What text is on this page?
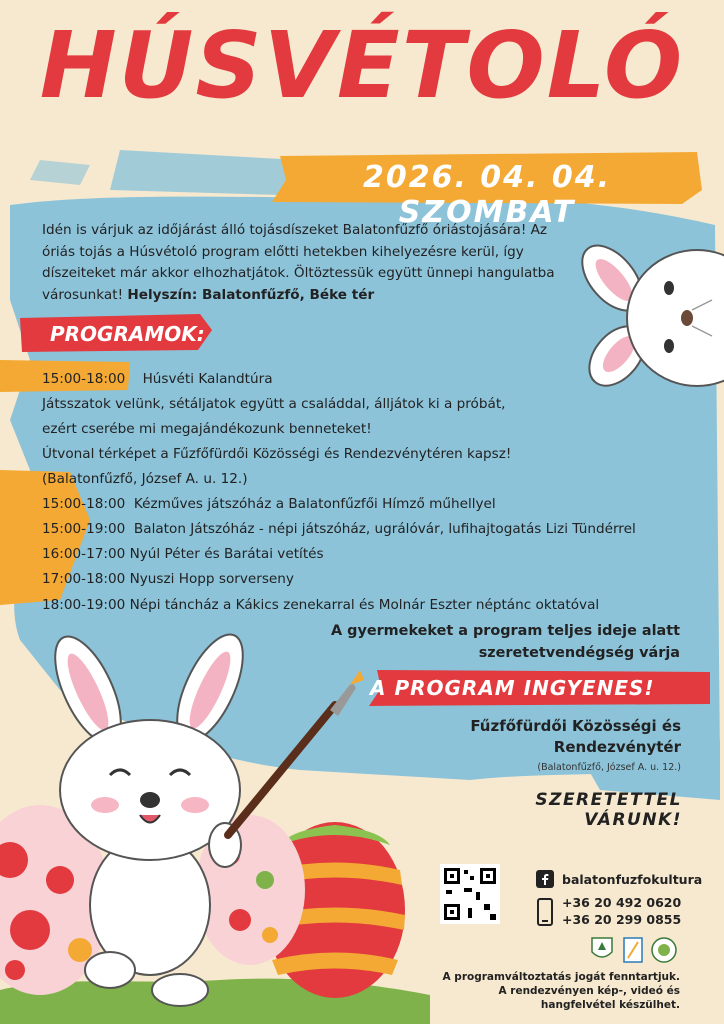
HÚSVÉTOLÓ
2026. 04. 04. SZOMBAT
Idén is várjuk az időjárást álló tojásdíszeket Balatonfűzfő óriástojására! Az óriás tojás a Húsvétoló program előtti hetekben kihelyezésre kerül, így díszeiteket már akkor elhozhatjátok. Öltöztessük együtt ünnepi hangulatba városunkat! Helyszín: Balatonfűzfő, Béke tér
PROGRAMOK:
15:00-18:00 Húsvéti Kalandtúra
Játsszatok velünk, sétáljatok együtt a családdal, álljátok ki a próbát,
ezért cserébe mi megajándékozunk benneteket!
Útvonal térképet a Fűzfőfürdői Közösségi és Rendezvénytéren kapsz!
(Balatonfűzfő, József A. u. 12.)
15:00-18:00 Kézműves játszóház a Balatonfűzfői Hímző műhellyel
15:00-19:00 Balaton Játszóház - népi játszóház, ugrálóvár, lufihajtogatás Lizi Tündérrel
16:00-17:00 Nyúl Péter és Barátai vetítés
17:00-18:00 Nyuszi Hopp sorverseny
18:00-19:00 Népi táncház a Kákics zenekarral és Molnár Eszter néptánc oktatóval
A gyermekeket a program teljes ideje alatt
szeretetvendégség várja
A PROGRAM INGYENES!
Fűzfőfürdői Közösségi és
Rendezvénytér
(Balatonfűzfő, József A. u. 12.)
SZERETETTEL VÁRUNK!
balatonfuzfokultura
+36 20 492 0620
+36 20 299 0855
A programváltoztatás jogát fenntartjuk.
A rendezvényen kép-, videó és
hangfelvétel készülhet.
